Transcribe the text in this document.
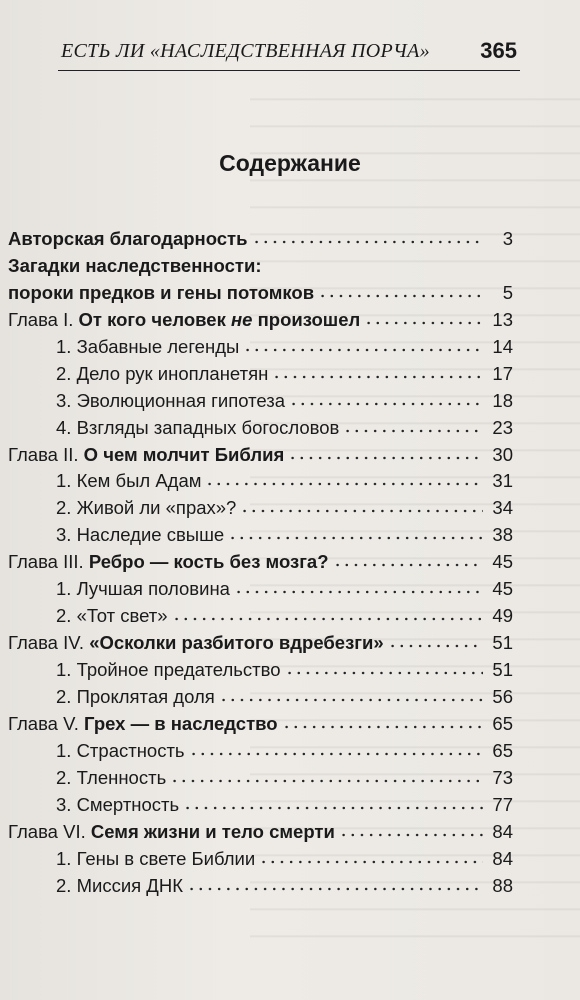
ЕСТЬ ЛИ «НАСЛЕДСТВЕННАЯ ПОРЧА» 365
Содержание
Авторская благодарность	3
Загадки наследственности:
пороки предков и гены потомков	5
Глава I. От кого человек не произошел	13
1. Забавные легенды	14
2. Дело рук инопланетян	17
3. Эволюционная гипотеза	18
4. Взгляды западных богословов	23
Глава II. О чем молчит Библия	30
1. Кем был Адам	31
2. Живой ли «прах»?	34
3. Наследие свыше	38
Глава III. Ребро — кость без мозга?	45
1. Лучшая половина	45
2. «Тот свет»	49
Глава IV. «Осколки разбитого вдребезги»	51
1. Тройное предательство	51
2. Проклятая доля	56
Глава V. Грех — в наследство	65
1. Страстность	65
2. Тленность	73
3. Смертность	77
Глава VI. Семя жизни и тело смерти	84
1. Гены в свете Библии	84
2. Миссия ДНК	88
